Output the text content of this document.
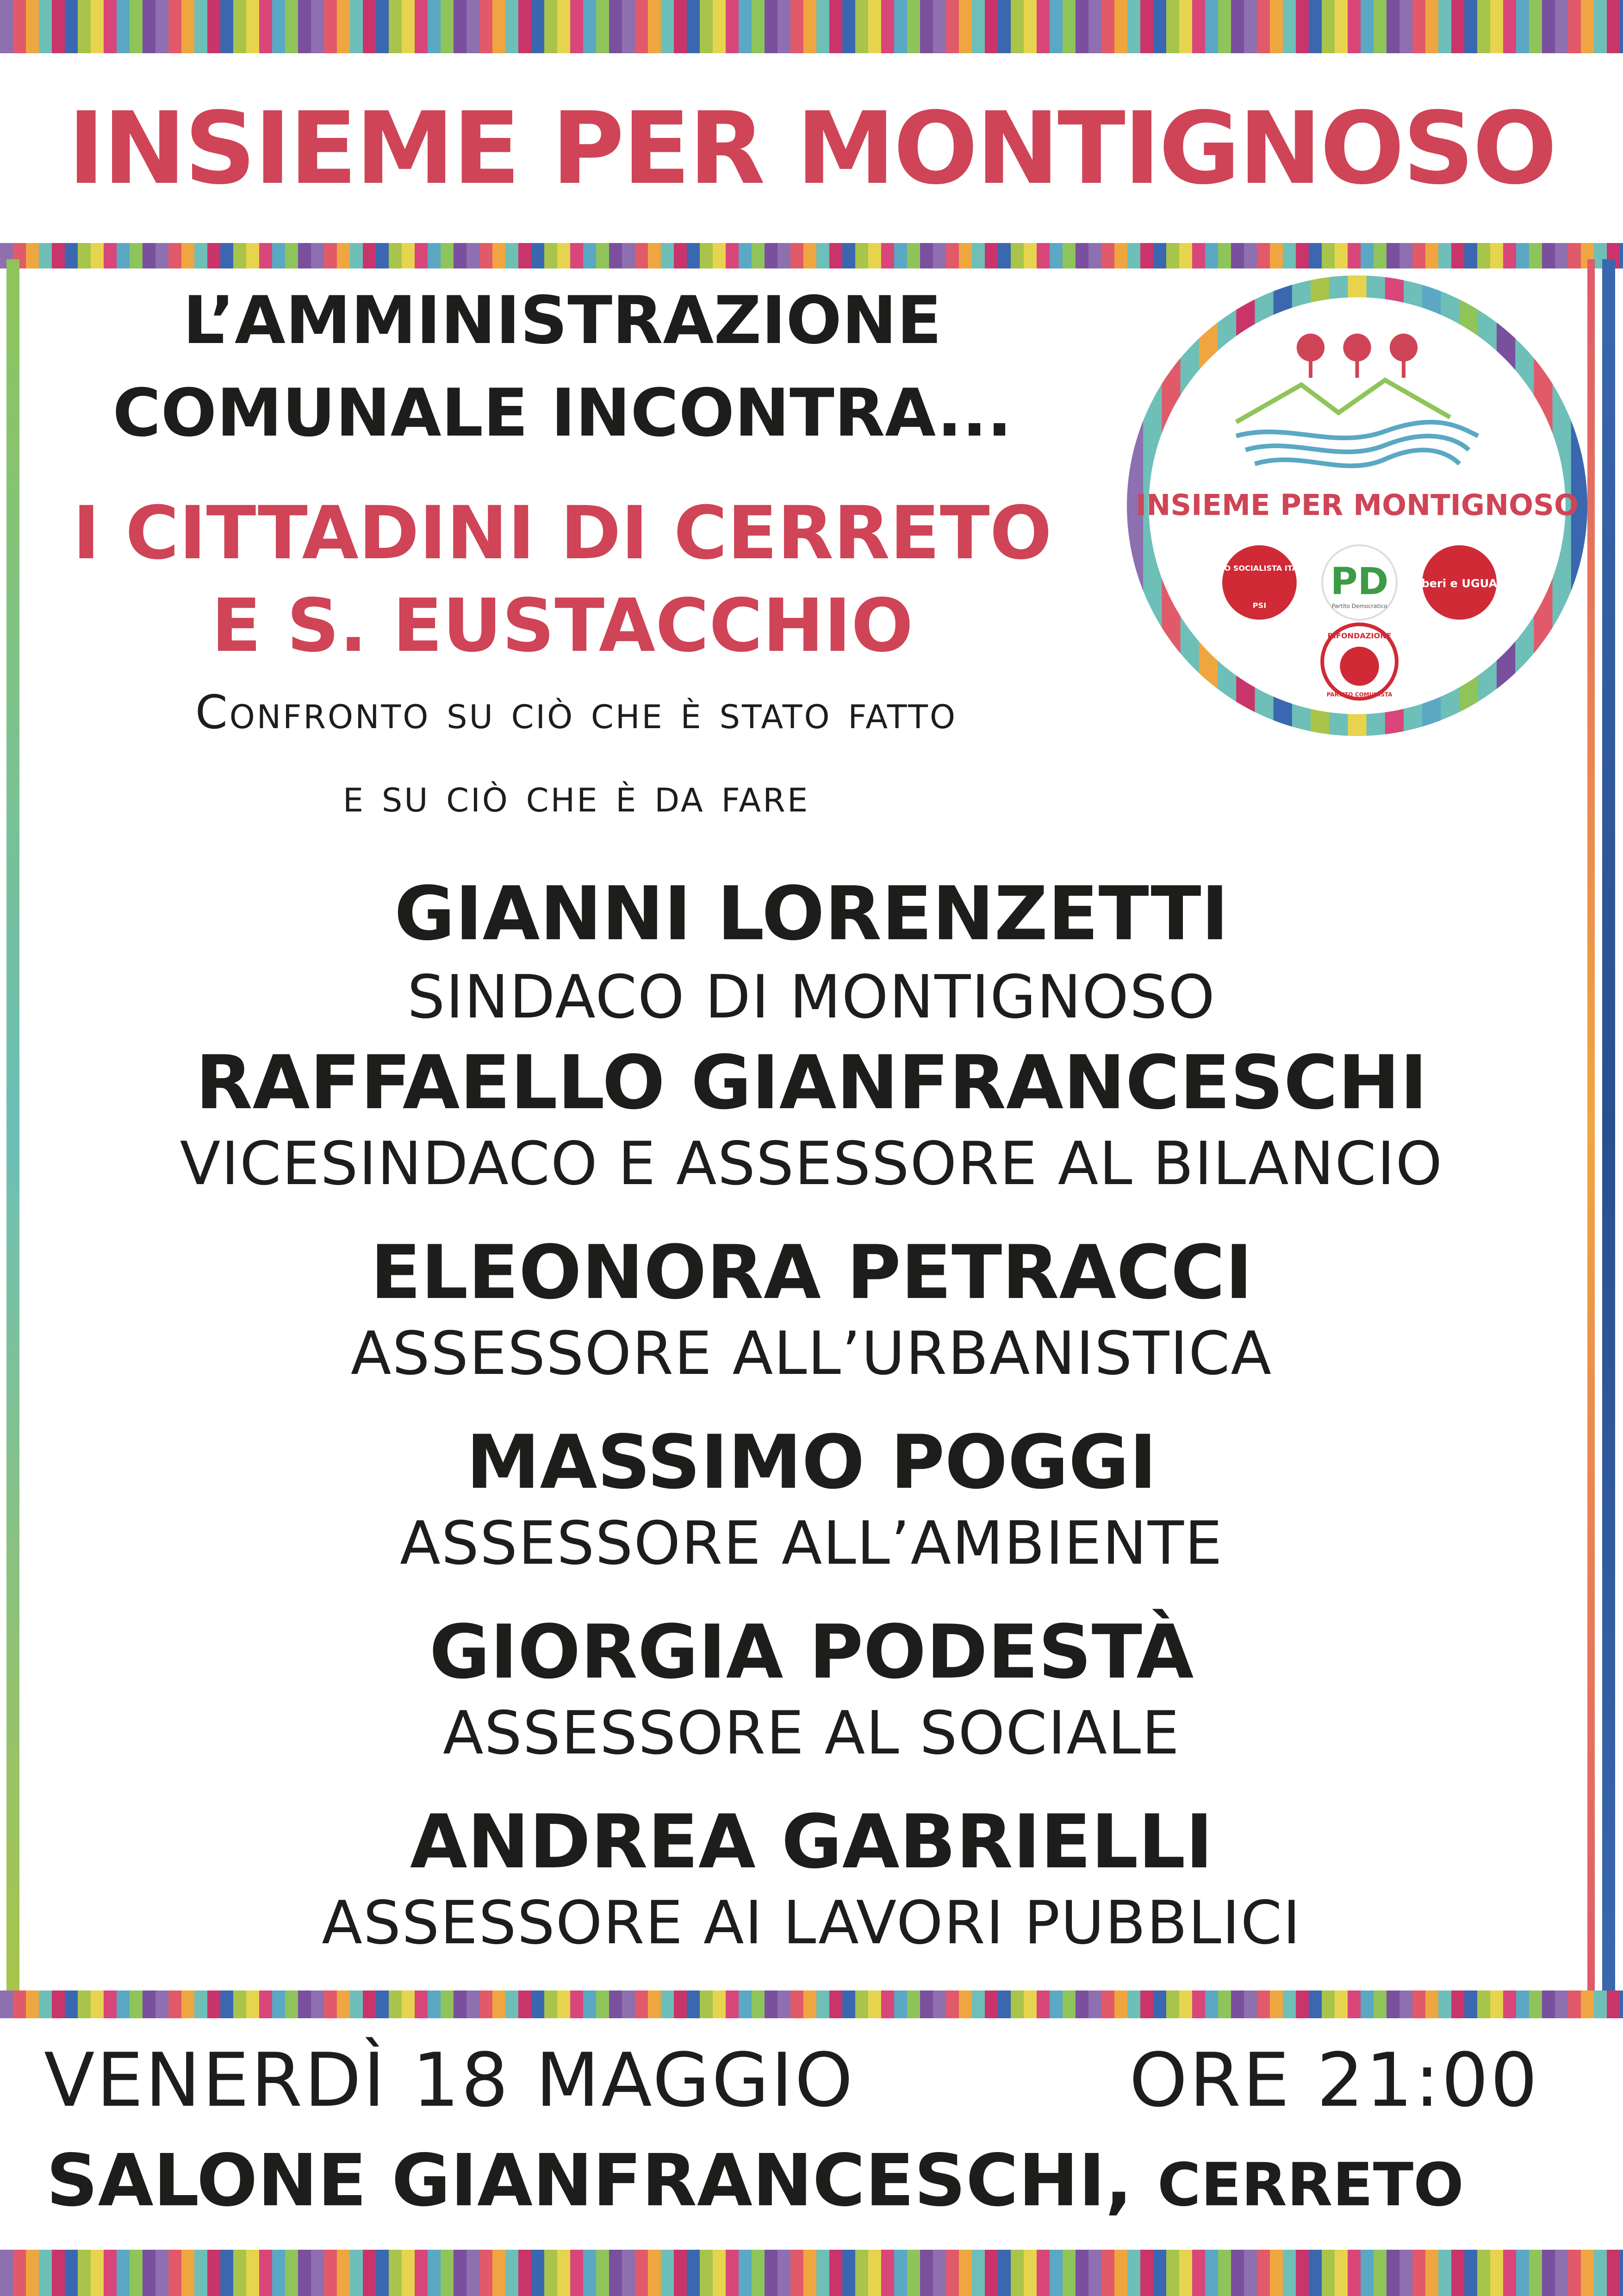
INSIEME PER MONTIGNOSO
L’AMMINISTRAZIONE
COMUNALE INCONTRA...
I CITTADINI DI CERRETO
E S. EUSTACCHIO
Confronto su ciò che è stato fatto
e su ciò che è da fare
INSIEME PER MONTIGNOSO
PARTITO SOCIALISTA ITALIANO
PSI
PD
Partito Democratico
Liberi e UGUALI
RIFONDAZIONE
PARTITO COMUNISTA
GIANNI LORENZETTI
SINDACO DI MONTIGNOSO
RAFFAELLO GIANFRANCESCHI
VICESINDACO E ASSESSORE AL BILANCIO
ELEONORA PETRACCI
ASSESSORE ALL’URBANISTICA
MASSIMO POGGI
ASSESSORE ALL’AMBIENTE
GIORGIA PODESTÀ
ASSESSORE AL SOCIALE
ANDREA GABRIELLI
ASSESSORE AI LAVORI PUBBLICI
VENERDÌ 18 MAGGIO	ORE 21:00
SALONE GIANFRANCESCHI, CERRETO
